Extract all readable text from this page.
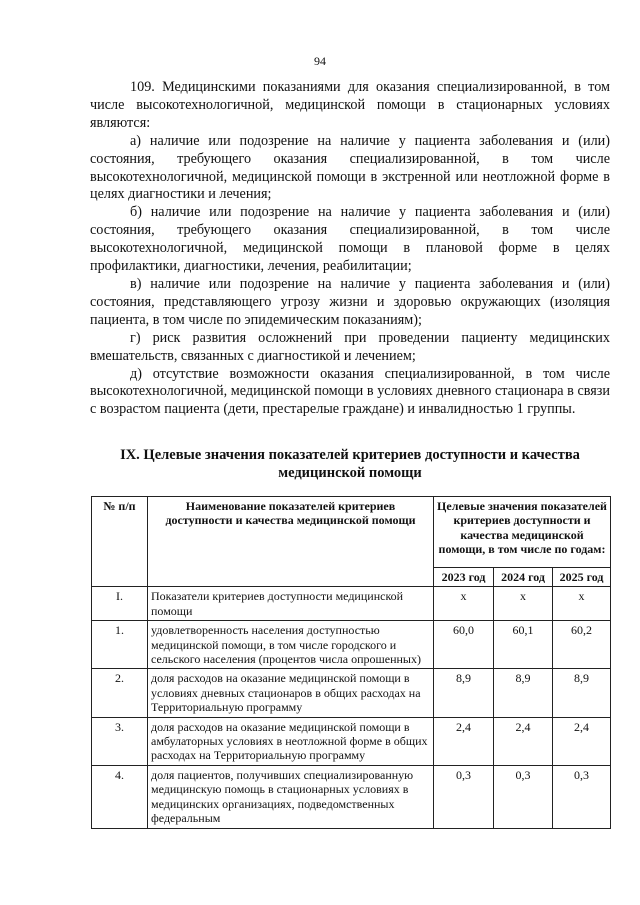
94

109. Медицинскими показаниями для оказания специализированной, в том числе высокотехнологичной, медицинской помощи в стационарных условиях являются:

а) наличие или подозрение на наличие у пациента заболевания и (или) состояния, требующего оказания специализированной, в том числе высокотехнологичной, медицинской помощи в экстренной или неотложной форме в целях диагностики и лечения;

б) наличие или подозрение на наличие у пациента заболевания и (или) состояния, требующего оказания специализированной, в том числе высокотехнологичной, медицинской помощи в плановой форме в целях профилактики, диагностики, лечения, реабилитации;

в) наличие или подозрение на наличие у пациента заболевания и (или) состояния, представляющего угрозу жизни и здоровью окружающих (изоляция пациента, в том числе по эпидемическим показаниям);

г) риск развития осложнений при проведении пациенту медицинских вмешательств, связанных с диагностикой и лечением;

д) отсутствие возможности оказания специализированной, в том числе высокотехнологичной, медицинской помощи в условиях дневного стационара в связи с возрастом пациента (дети, престарелые граждане) и инвалидностью 1 группы.

IX. Целевые значения показателей критериев доступности и качества медицинской помощи
№ п/п	Наименование показателей критериев доступности и качества медицинской помощи	Целевые значения показателей критериев доступности и качества медицинской помощи, в том числе по годам:		
		2023 год	2024 год	2025 год
I.	Показатели критериев доступности медицинской помощи	x	x	x
1.	удовлетворенность населения доступностью медицинской помощи, в том числе городского и сельского населения (процентов числа опрошенных)	60,0	60,1	60,2
2.	доля расходов на оказание медицинской помощи в условиях дневных стационаров в общих расходах на Территориальную программу	8,9	8,9	8,9
3.	доля расходов на оказание медицинской помощи в амбулаторных условиях в неотложной форме в общих расходах на Территориальную программу	2,4	2,4	2,4
4.	доля пациентов, получивших специализированную медицинскую помощь в стационарных условиях в медицинских организациях, подведомственных федеральным	0,3	0,3	0,3
